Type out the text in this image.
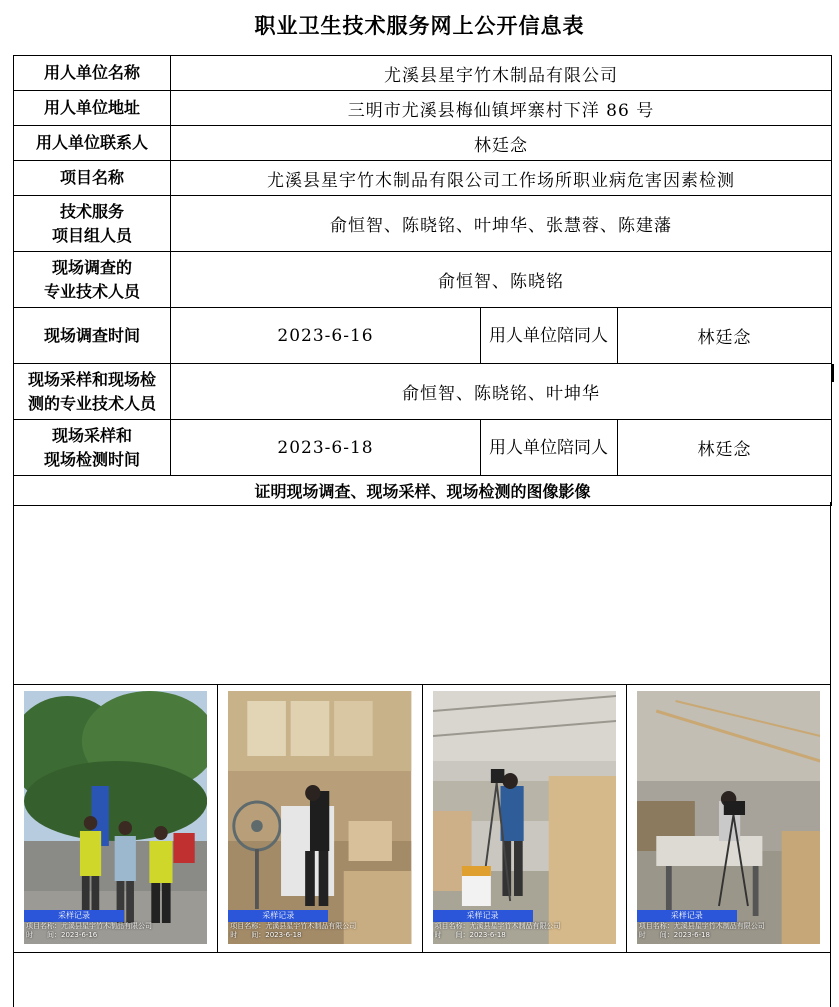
职业卫生技术服务网上公开信息表
用人单位名称	尤溪县星宇竹木制品有限公司		
用人单位地址	三明市尤溪县梅仙镇坪寨村下洋 86 号		
用人单位联系人	林廷念		
项目名称	尤溪县星宇竹木制品有限公司工作场所职业病危害因素检测		

技术服务
项目组人员	俞恒智、陈晓铭、叶坤华、张慧蓉、陈建藩		

现场调查的
专业技术人员	俞恒智、陈晓铭		
现场调查时间	2023-6-16	用人单位陪同人	林廷念

现场采样和现场检
测的专业技术人员	俞恒智、陈晓铭、叶坤华		

现场采样和
现场检测时间	2023-6-18	用人单位陪同人	林廷念
证明现场调查、现场采样、现场检测的图像影像			
采样记录
项目名称：尤溪县星宇竹木制品有限公司
时　　间：2023-6-16
采样记录
项目名称：尤溪县星宇竹木制品有限公司
时　　间：2023-6-18
采样记录
项目名称：尤溪县星宇竹木制品有限公司
时　　间：2023-6-18
采样记录
项目名称：尤溪县星宇竹木制品有限公司
时　　间：2023-6-18
